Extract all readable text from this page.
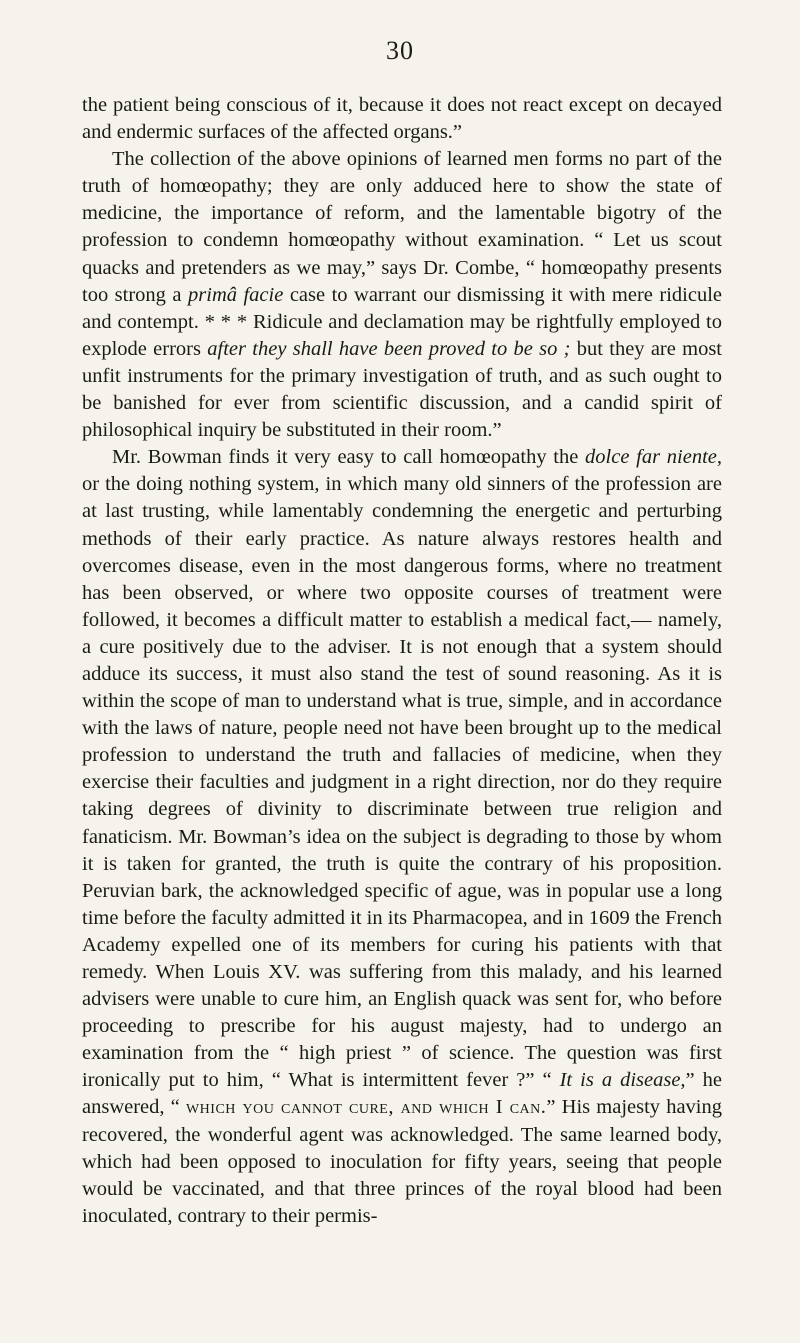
30

the patient being conscious of it, because it does not react except on decayed and endermic surfaces of the affected organs.”

The collection of the above opinions of learned men forms no part of the truth of homœopathy; they are only adduced here to show the state of medicine, the importance of reform, and the lamentable bigotry of the profession to condemn homœopathy without examination. “ Let us scout quacks and pretenders as we may,” says Dr. Combe, “ homœopathy presents too strong a primâ facie case to warrant our dismissing it with mere ridicule and contempt. * * * Ridicule and declamation may be rightfully employed to explode errors after they shall have been proved to be so ; but they are most unfit instruments for the primary investigation of truth, and as such ought to be banished for ever from scientific discussion, and a candid spirit of philosophical inquiry be substituted in their room.”

Mr. Bowman finds it very easy to call homœopathy the dolce far niente, or the doing nothing system, in which many old sinners of the profession are at last trusting, while lamentably condemning the energetic and perturbing methods of their early practice. As nature always restores health and overcomes disease, even in the most dangerous forms, where no treatment has been observed, or where two opposite courses of treatment were followed, it becomes a difficult matter to establish a medical fact,— namely, a cure positively due to the adviser. It is not enough that a system should adduce its success, it must also stand the test of sound reasoning. As it is within the scope of man to understand what is true, simple, and in accordance with the laws of nature, people need not have been brought up to the medical profession to understand the truth and fallacies of medicine, when they exercise their faculties and judgment in a right direction, nor do they require taking degrees of divinity to discriminate between true religion and fanaticism. Mr. Bowman’s idea on the subject is degrading to those by whom it is taken for granted, the truth is quite the contrary of his proposition. Peruvian bark, the acknowledged specific of ague, was in popular use a long time before the faculty admitted it in its Pharmacopea, and in 1609 the French Academy expelled one of its members for curing his patients with that remedy. When Louis XV. was suffering from this malady, and his learned advisers were unable to cure him, an English quack was sent for, who before proceeding to prescribe for his august majesty, had to undergo an examination from the “ high priest ” of science. The question was first ironically put to him, “ What is intermittent fever ?” “ It is a disease,” he answered, “ which you cannot cure, and which I can.” His majesty having recovered, the wonderful agent was acknowledged. The same learned body, which had been opposed to inoculation for fifty years, seeing that people would be vaccinated, and that three princes of the royal blood had been inoculated, contrary to their permis-
